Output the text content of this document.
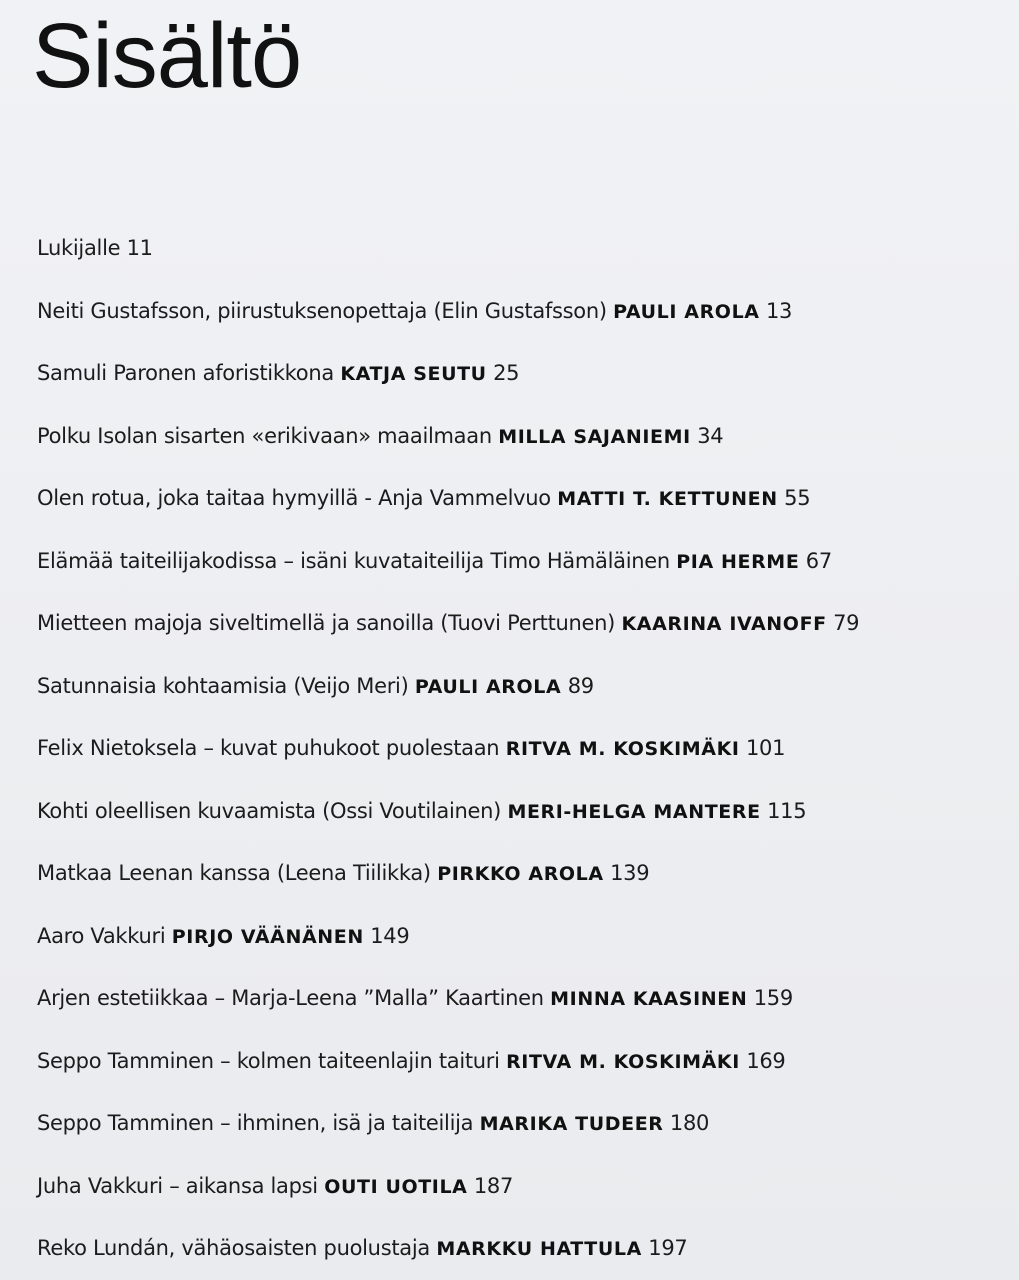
Sisältö
Lukijalle 11
Neiti Gustafsson, piirustuksenopettaja (Elin Gustafsson) PAULI AROLA 13
Samuli Paronen aforistikkona KATJA SEUTU 25
Polku Isolan sisarten «erikivaan» maailmaan MILLA SAJANIEMI 34
Olen rotua, joka taitaa hymyillä - Anja Vammelvuo MATTI T. KETTUNEN 55
Elämää taiteilijakodissa – isäni kuvataiteilija Timo Hämäläinen PIA HERME 67
Mietteen majoja siveltimellä ja sanoilla (Tuovi Perttunen) KAARINA IVANOFF 79
Satunnaisia kohtaamisia (Veijo Meri) PAULI AROLA 89
Felix Nietoksela – kuvat puhukoot puolestaan RITVA M. KOSKIMÄKI 101
Kohti oleellisen kuvaamista (Ossi Voutilainen) MERI-HELGA MANTERE 115
Matkaa Leenan kanssa (Leena Tiilikka) PIRKKO AROLA 139
Aaro Vakkuri PIRJO VÄÄNÄNEN 149
Arjen estetiikkaa – Marja-Leena ”Malla” Kaartinen MINNA KAASINEN 159
Seppo Tamminen – kolmen taiteenlajin taituri RITVA M. KOSKIMÄKI 169
Seppo Tamminen – ihminen, isä ja taiteilija MARIKA TUDEER 180
Juha Vakkuri – aikansa lapsi OUTI UOTILA 187
Reko Lundán, vähäosaisten puolustaja MARKKU HATTULA 197
